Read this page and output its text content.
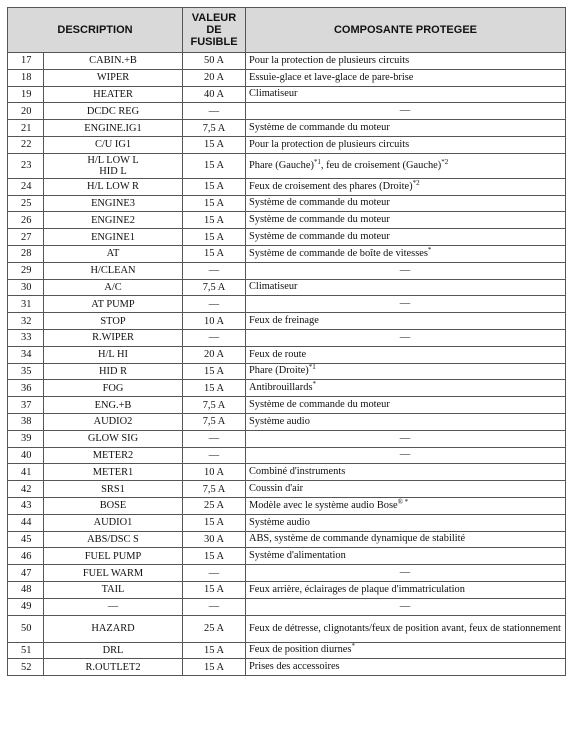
DESCRIPTION		VALEUR
DE
FUSIBLE	COMPOSANTE PROTEGEE
17	CABIN.+B	50 A	Pour la protection de plusieurs circuits
18	WIPER	20 A	Essuie-glace et lave-glace de pare-brise
19	HEATER	40 A	Climatiseur
20	DCDC REG	—	—
21	ENGINE.IG1	7,5 A	Système de commande du moteur
22	C/U IG1	15 A	Pour la protection de plusieurs circuits
23	H/L LOW L
HID L	15 A	Phare (Gauche)$^{*1}$, feu de croisement (Gauche)$^{*2}$
24	H/L LOW R	15 A	Feux de croisement des phares (Droite)$^{*2}$
25	ENGINE3	15 A	Système de commande du moteur
26	ENGINE2	15 A	Système de commande du moteur
27	ENGINE1	15 A	Système de commande du moteur
28	AT	15 A	Système de commande de boîte de vitesses*
29	H/CLEAN	—	—
30	A/C	7,5 A	Climatiseur
31	AT PUMP	—	—
32	STOP	10 A	Feux de freinage
33	R.WIPER	—	—
34	H/L HI	20 A	Feux de route
35	HID R	15 A	Phare (Droite)$^{*1}$
36	FOG	15 A	Antibrouillards*
37	ENG.+B	7,5 A	Système de commande du moteur
38	AUDIO2	7,5 A	Système audio
39	GLOW SIG	—	—
40	METER2	—	—
41	METER1	10 A	Combiné d'instruments
42	SRS1	7,5 A	Coussin d'air
43	BOSE	25 A	Modèle avec le système audio Bose® *
44	AUDIO1	15 A	Système audio
45	ABS/DSC S	30 A	ABS, système de commande dynamique de stabilité
46	FUEL PUMP	15 A	Système d'alimentation
47	FUEL WARM	—	—
48	TAIL	15 A	Feux arrière, éclairages de plaque d'immatriculation
49	—	—	—
50	HAZARD	25 A	Feux de détresse, clignotants/feux de position avant, feux de stationnement
51	DRL	15 A	Feux de position diurnes*
52	R.OUTLET2	15 A	Prises des accessoires
